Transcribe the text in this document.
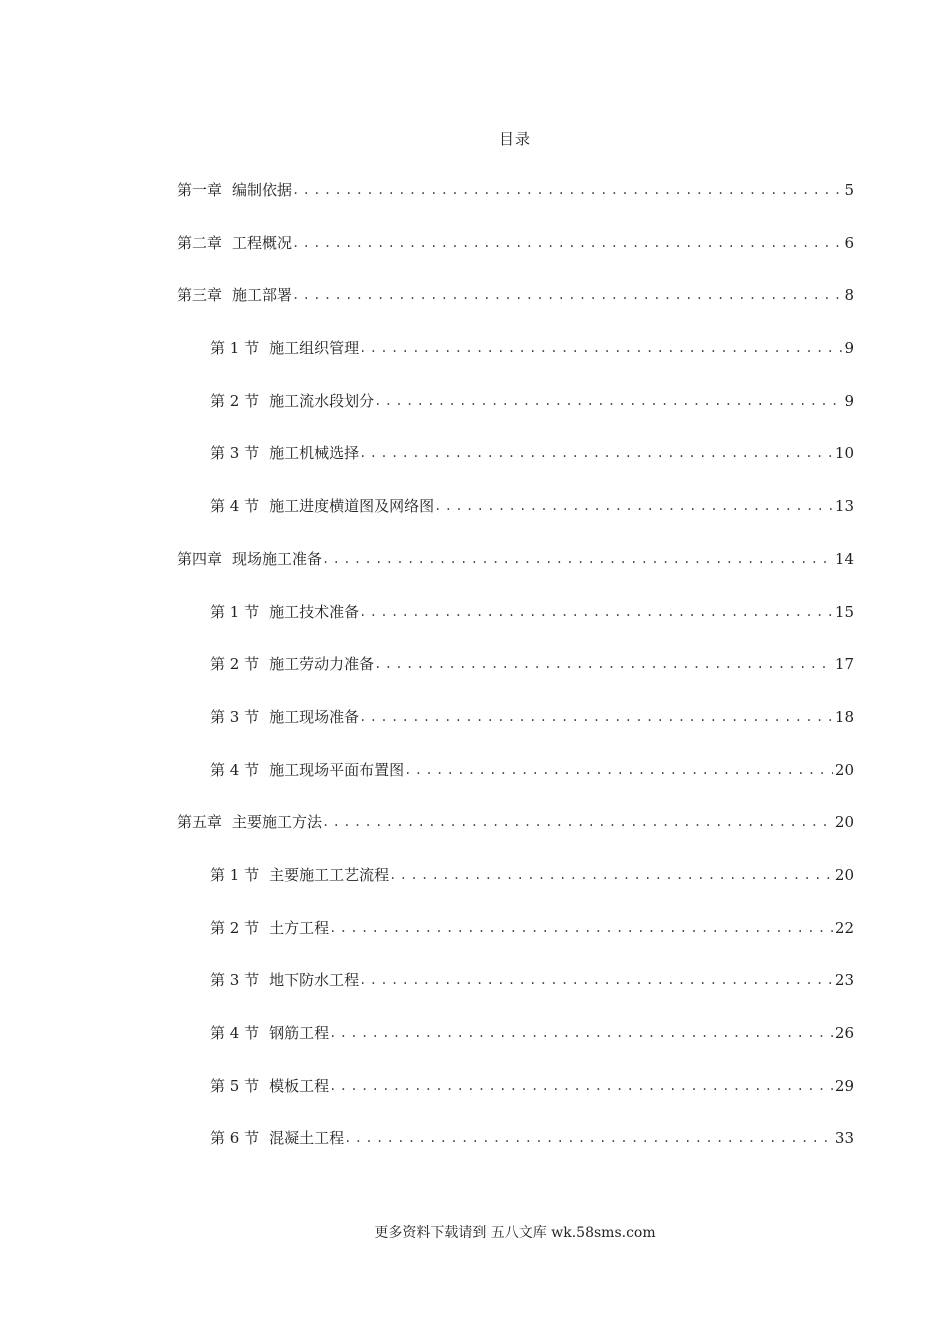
目录
第一章 编制依据 .....	5
第二章 工程概况 .....	6
第三章 施工部署 .....	8
第 1 节 施工组织管理 .....	9
第 2 节 施工流水段划分 .....	9
第 3 节 施工机械选择 .....	10
第 4 节 施工进度横道图及网络图 .....	13
第四章 现场施工准备 .....	14
第 1 节 施工技术准备 .....	15
第 2 节 施工劳动力准备 .....	17
第 3 节 施工现场准备 .....	18
第 4 节 施工现场平面布置图 .....	20
第五章 主要施工方法 .....	20
第 1 节 主要施工工艺流程 .....	20
第 2 节 土方工程 .....	22
第 3 节 地下防水工程 .....	23
第 4 节 钢筋工程 .....	26
第 5 节 模板工程 .....	29
第 6 节 混凝土工程 .....	33
更多资料下载请到 五八文库 wk.58sms.com
